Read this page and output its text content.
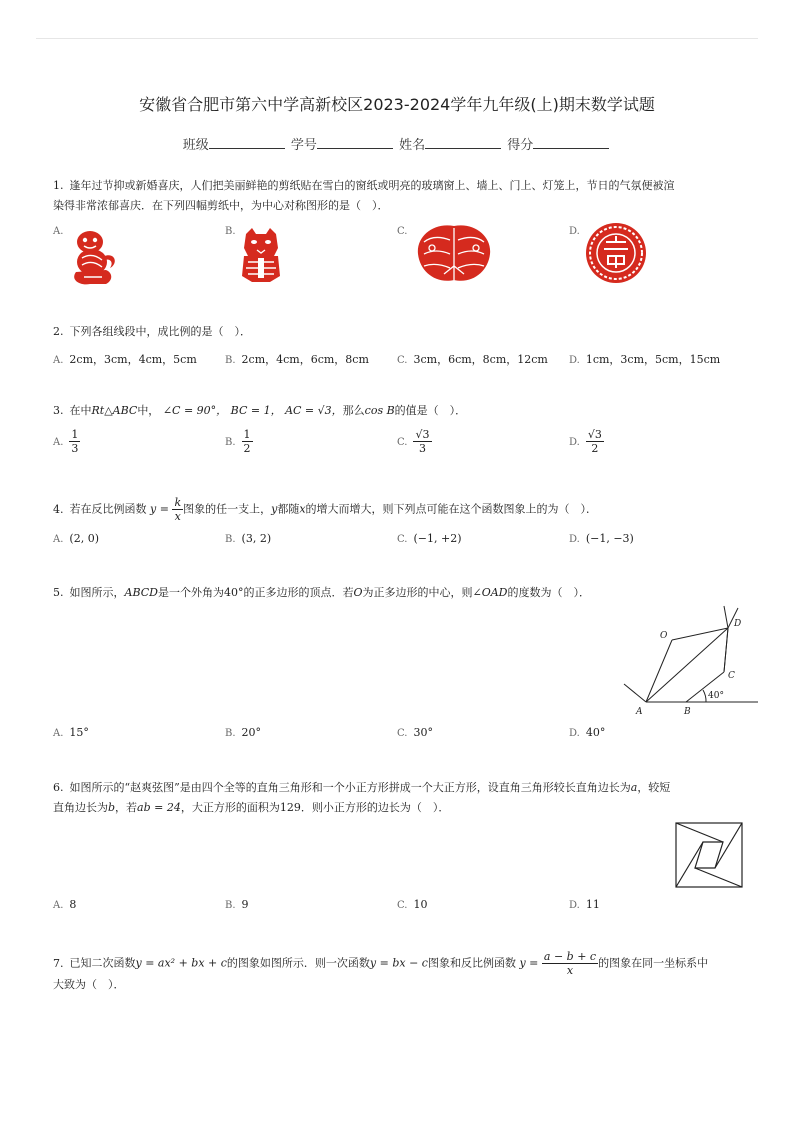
安徽省合肥市第六中学高新校区2023-2024学年九年级(上)期末数学试题
班级	学号	姓名	得分
1. 逢年过节抑或新婚喜庆，人们把美丽鲜艳的剪纸贴在雪白的窗纸或明亮的玻璃窗上、墙上、门上、灯笼上，节日的气氛便被渲
染得非常浓郁喜庆．在下列四幅剪纸中，为中心对称图形的是（　）．
A.	B.	C.	D.
2. 下列各组线段中，成比例的是（　）．
A. 2cm，3cm，4cm，5cm	B. 2cm，4cm，6cm，8cm	C. 3cm，6cm，8cm，12cm D. 1cm，3cm，5cm，15cm
3. 在中Rt△ABC中， ∠C = 90°， BC = 1， AC = √3，那么cos B的值是（　）．
A. $\frac{1}{3}$	B. $\frac{1}{2}$	C. $\frac{√3}{3}$	D. $\frac{√3}{2}$
4. 若在反比例函数 $y = \frac{k}{x}$ 图象的任一支上，y都随x的增大而增大，则下列点可能在这个函数图象上的为（　）．
A. (2, 0)	B. (3, 2)	C. (−1, +2)	D. (−1, −3)
5. 如图所示，ABCD是一个外角为40°的正多边形的顶点．若O为正多边形的中心，则∠OAD的度数为（　）．
O
D
C
A	B
40°
A. 15°	B. 20°	C. 30°	D. 40°
6. 如图所示的“赵爽弦图”是由四个全等的直角三角形和一个小正方形拼成一个大正方形，设直角三角形较长直角边长为a，较短
直角边长为b，若ab = 24，大正方形的面积为129．则小正方形的边长为（　）．
A. 8	B. 9	C. 10	D. 11
7. 已知二次函数y = ax² + bx + c的图象如图所示．则一次函数y = bx − c图象和反比例函数 $y = \frac{a - b + c}{x}$ 的图象在同一坐标系中
大致为（　）．
